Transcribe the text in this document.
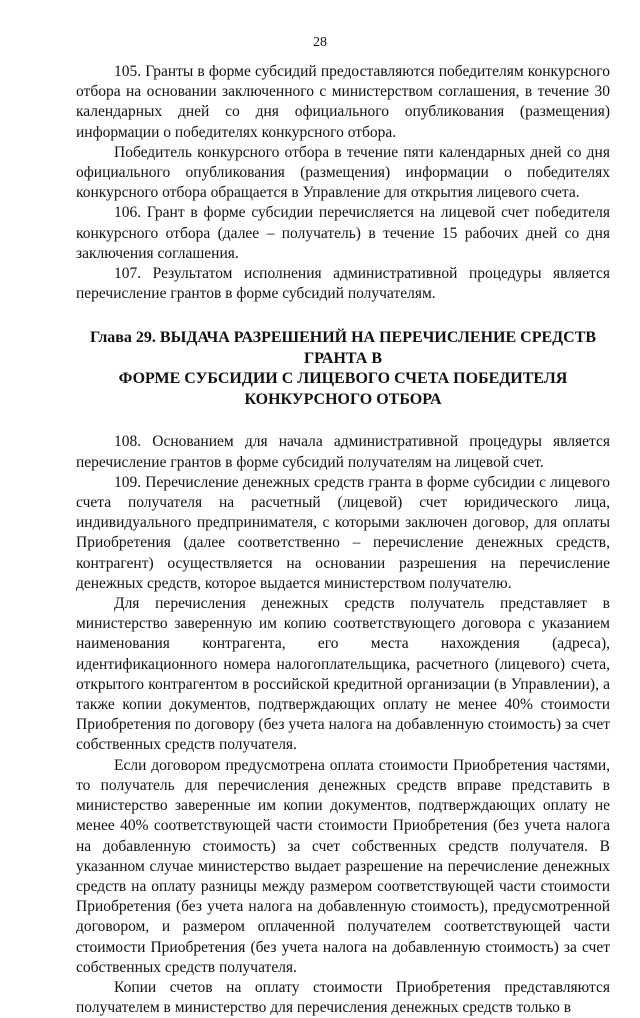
28

105. Гранты в форме субсидий предоставляются победителям конкурсного отбора на основании заключенного с министерством соглашения, в течение 30 календарных дней со дня официального опубликования (размещения) информации о победителях конкурсного отбора.

Победитель конкурсного отбора в течение пяти календарных дней со дня официального опубликования (размещения) информации о победителях конкурсного отбора обращается в Управление для открытия лицевого счета.

106. Грант в форме субсидии перечисляется на лицевой счет победителя конкурсного отбора (далее – получатель) в течение 15 рабочих дней со дня заключения соглашения.

107. Результатом исполнения административной процедуры является перечисление грантов в форме субсидий получателям.

Глава 29. ВЫДАЧА РАЗРЕШЕНИЙ НА ПЕРЕЧИСЛЕНИЕ СРЕДСТВ ГРАНТА В
ФОРМЕ СУБСИДИИ С ЛИЦЕВОГО СЧЕТА ПОБЕДИТЕЛЯ
КОНКУРСНОГО ОТБОРА

108. Основанием для начала административной процедуры является перечисление грантов в форме субсидий получателям на лицевой счет.

109. Перечисление денежных средств гранта в форме субсидии с лицевого счета получателя на расчетный (лицевой) счет юридического лица, индивидуального предпринимателя, с которыми заключен договор, для оплаты Приобретения (далее соответственно – перечисление денежных средств, контрагент) осуществляется на основании разрешения на перечисление денежных средств, которое выдается министерством получателю.

Для перечисления денежных средств получатель представляет в министерство заверенную им копию соответствующего договора с указанием наименования контрагента, его места нахождения (адреса), идентификационного номера налогоплательщика, расчетного (лицевого) счета, открытого контрагентом в российской кредитной организации (в Управлении), а также копии документов, подтверждающих оплату не менее 40% стоимости Приобретения по договору (без учета налога на добавленную стоимость) за счет собственных средств получателя.

Если договором предусмотрена оплата стоимости Приобретения частями, то получатель для перечисления денежных средств вправе представить в министерство заверенные им копии документов, подтверждающих оплату не менее 40% соответствующей части стоимости Приобретения (без учета налога на добавленную стоимость) за счет собственных средств получателя. В указанном случае министерство выдает разрешение на перечисление денежных средств на оплату разницы между размером соответствующей части стоимости Приобретения (без учета налога на добавленную стоимость), предусмотренной договором, и размером оплаченной получателем соответствующей части стоимости Приобретения (без учета налога на добавленную стоимость) за счет собственных средств получателя.

Копии счетов на оплату стоимости Приобретения представляются получателем в министерство для перечисления денежных средств только в
